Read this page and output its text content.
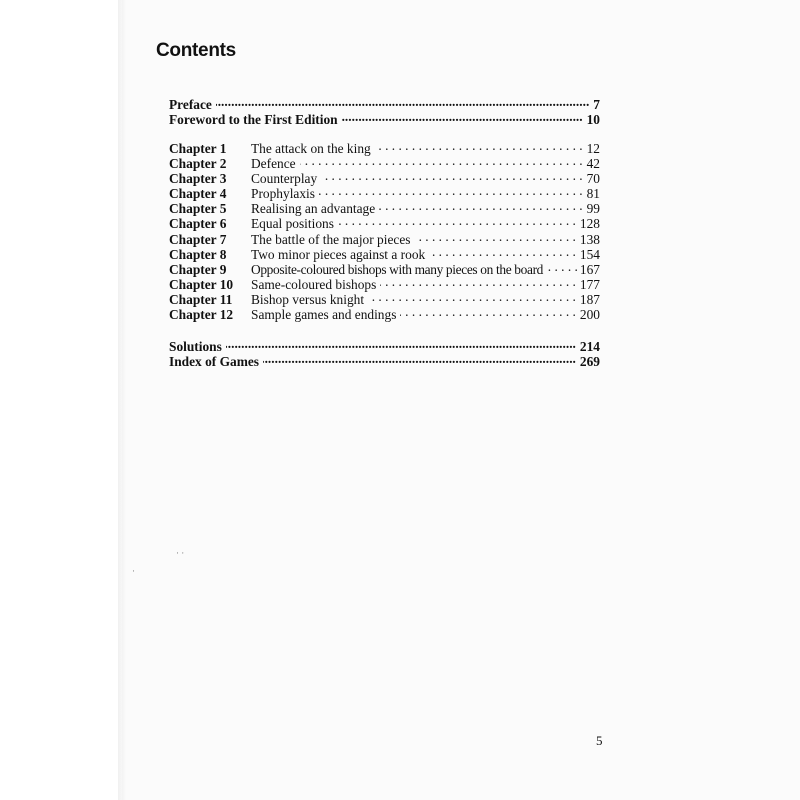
Contents
Preface .....	7
Foreword to the First Edition .....	10
Chapter 1	The attack on the king . . .	12
Chapter 2	Defence . . .	42
Chapter 3	Counterplay . . .	70
Chapter 4	Prophylaxis . . .	81
Chapter 5	Realising an advantage . . .	99
Chapter 6	Equal positions . . .	128
Chapter 7	The battle of the major pieces . . .	138
Chapter 8	Two minor pieces against a rook . . .	154
Chapter 9	Opposite-coloured bishops with many pieces on the board . . .	167
Chapter 10	Same-coloured bishops . . .	177
Chapter 11	Bishop versus knight . . .	187
Chapter 12	Sample games and endings . . .	200
Solutions .....	214
Index of Games .....	269
· ·
·
5
